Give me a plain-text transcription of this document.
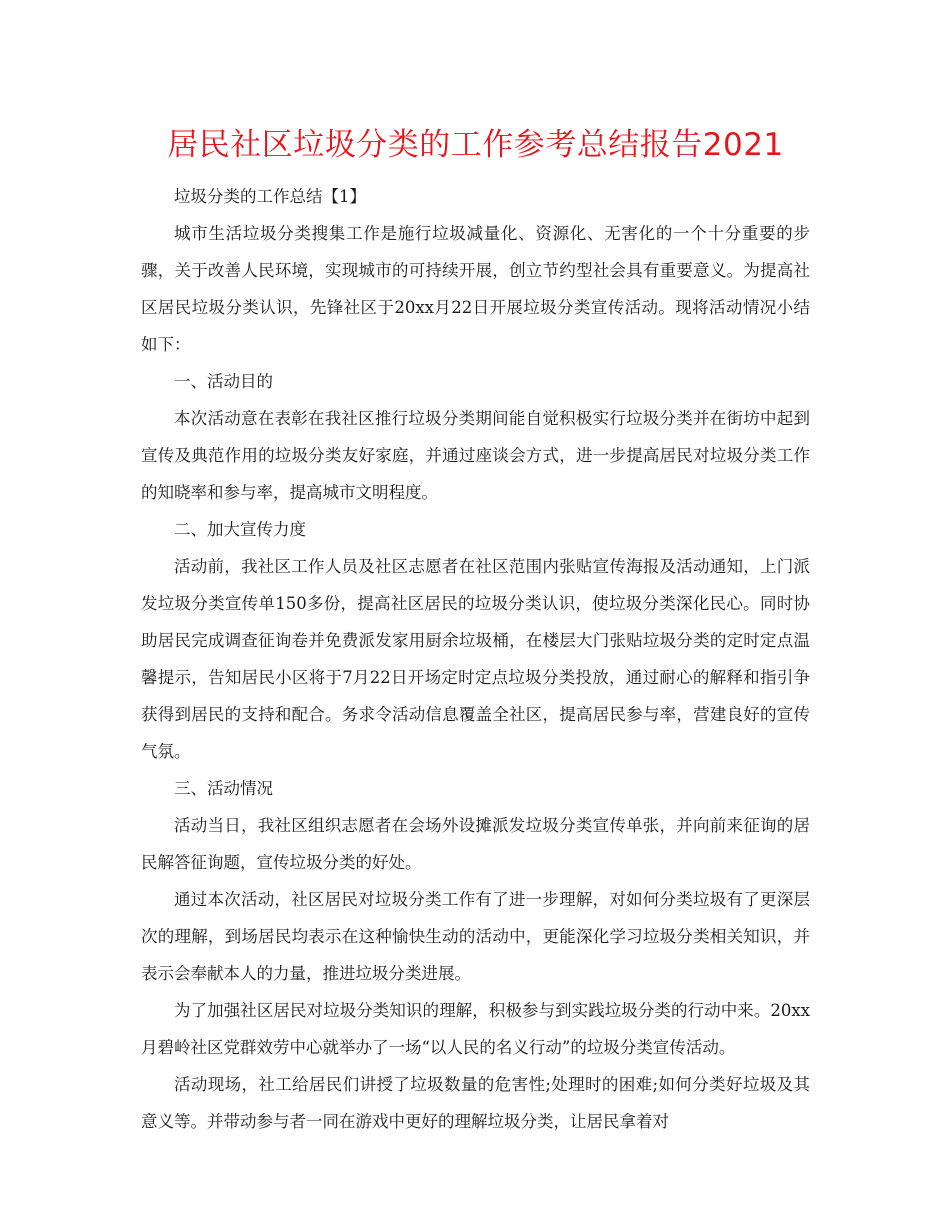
居民社区垃圾分类的工作参考总结报告2021

垃圾分类的工作总结【1】

城市生活垃圾分类搜集工作是施行垃圾减量化、资源化、无害化的一个十分重要的步骤，关于改善人民环境，实现城市的可持续开展，创立节约型社会具有重要意义。为提高社区居民垃圾分类认识，先锋社区于20xx月22日开展垃圾分类宣传活动。现将活动情况小结如下：

一、活动目的

本次活动意在表彰在我社区推行垃圾分类期间能自觉积极实行垃圾分类并在街坊中起到宣传及典范作用的垃圾分类友好家庭，并通过座谈会方式，进一步提高居民对垃圾分类工作的知晓率和参与率，提高城市文明程度。

二、加大宣传力度

活动前，我社区工作人员及社区志愿者在社区范围内张贴宣传海报及活动通知，上门派发垃圾分类宣传单150多份，提高社区居民的垃圾分类认识，使垃圾分类深化民心。同时协助居民完成调查征询卷并免费派发家用厨余垃圾桶，在楼层大门张贴垃圾分类的定时定点温馨提示，告知居民小区将于7月22日开场定时定点垃圾分类投放，通过耐心的解释和指引争获得到居民的支持和配合。务求令活动信息覆盖全社区，提高居民参与率，营建良好的宣传气氛。

三、活动情况

活动当日，我社区组织志愿者在会场外设摊派发垃圾分类宣传单张，并向前来征询的居民解答征询题，宣传垃圾分类的好处。

通过本次活动，社区居民对垃圾分类工作有了进一步理解，对如何分类垃圾有了更深层次的理解，到场居民均表示在这种愉快生动的活动中，更能深化学习垃圾分类相关知识，并表示会奉献本人的力量，推进垃圾分类进展。

为了加强社区居民对垃圾分类知识的理解，积极参与到实践垃圾分类的行动中来。20xx月碧岭社区党群效劳中心就举办了一场“以人民的名义行动”的垃圾分类宣传活动。

活动现场，社工给居民们讲授了垃圾数量的危害性;处理时的困难;如何分类好垃圾及其意义等。并带动参与者一同在游戏中更好的理解垃圾分类，让居民拿着对
